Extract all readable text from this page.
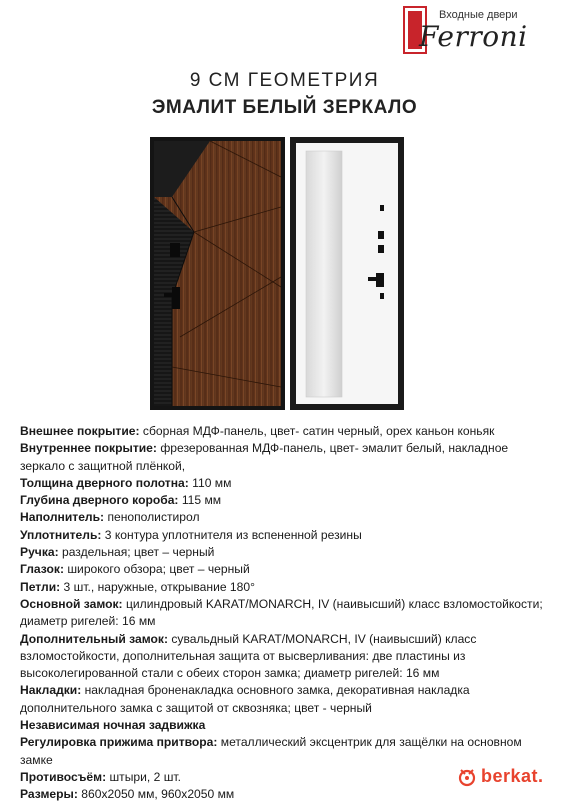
Входные двери
Ferroni
9 СМ ГЕОМЕТРИЯ
ЭМАЛИТ БЕЛЫЙ ЗЕРКАЛО
Внешнее покрытие: сборная МДФ-панель, цвет- сатин черный, орех каньон коньяк
Внутреннее покрытие: фрезерованная МДФ-панель, цвет- эмалит белый, накладное зеркало с защитной плёнкой,
Толщина дверного полотна: 110 мм
Глубина дверного короба: 115 мм
Наполнитель: пенополистирол
Уплотнитель: 3 контура уплотнителя из вспененной резины
Ручка: раздельная; цвет – черный
Глазок: широкого обзора; цвет – черный
Петли: 3 шт., наружные, открывание 180°
Основной замок: цилиндровый KARAT/MONARCH, IV (наивысший) класс взломостойкости; диаметр ригелей: 16 мм
Дополнительный замок: сувальдный KARAT/MONARCH, IV (наивысший) класс взломостойкости, дополнительная защита от высверливания: две пластины из высоколегированной стали с обеих сторон замка; диаметр ригелей: 16 мм
Накладки: накладная броненакладка основного замка, декоративная накладка дополнительного замка с защитой от сквозняка; цвет - черный
Независимая ночная задвижка
Регулировка прижима притвора: металлический эксцентрик для защёлки на основном замке
Противосъём: штыри, 2 шт.
Размеры: 860х2050 мм, 960х2050 мм
berkat.
